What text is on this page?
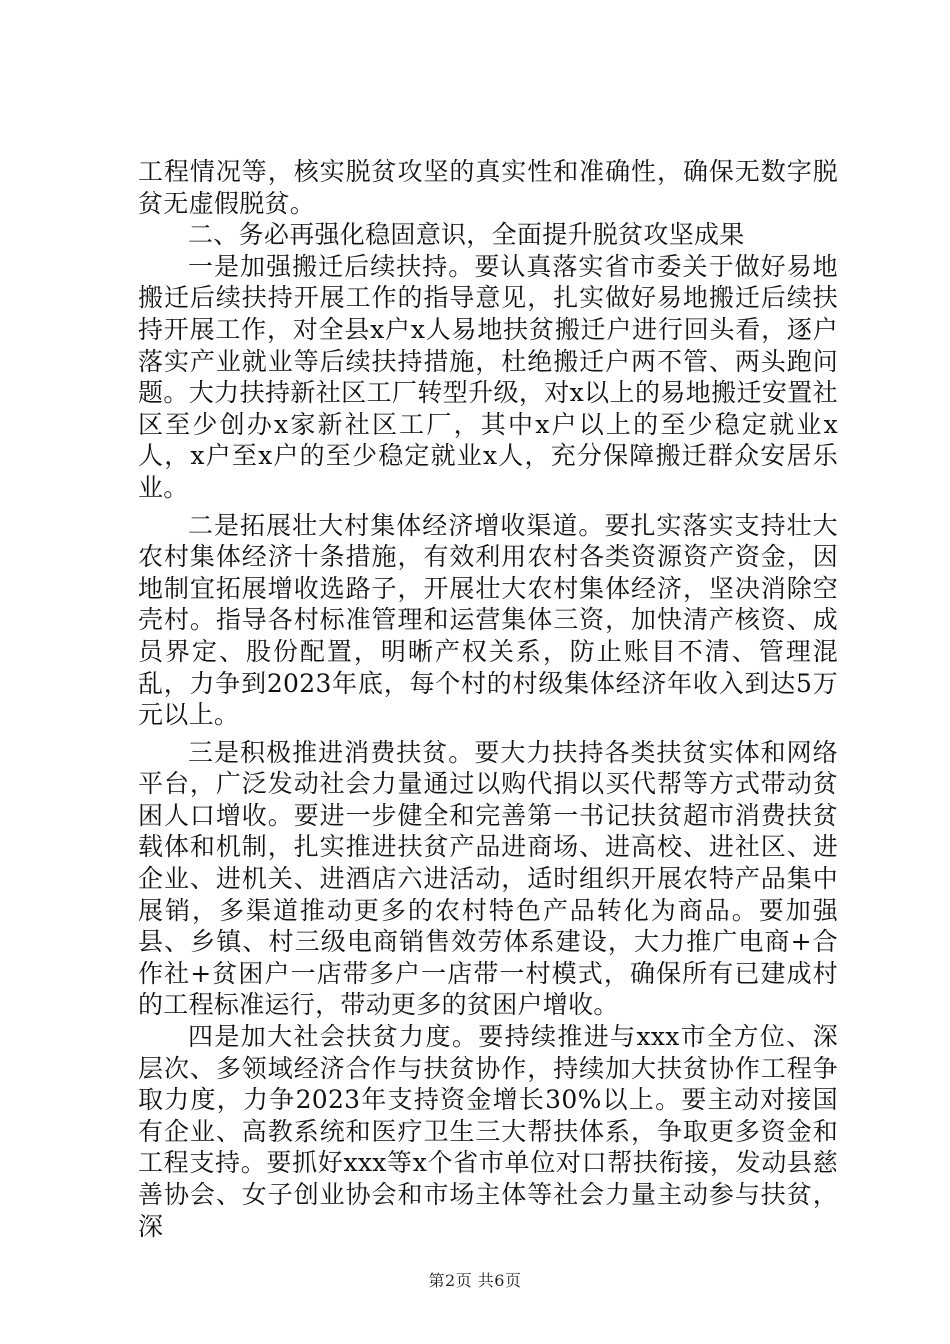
工程情况等，核实脱贫攻坚的真实性和准确性，确保无数字脱贫无虚假脱贫。

二、务必再强化稳固意识，全面提升脱贫攻坚成果

一是加强搬迁后续扶持。要认真落实省市委关于做好易地搬迁后续扶持开展工作的指导意见，扎实做好易地搬迁后续扶持开展工作，对全县x户x人易地扶贫搬迁户进行回头看，逐户落实产业就业等后续扶持措施，杜绝搬迁户两不管、两头跑问题。大力扶持新社区工厂转型升级，对x以上的易地搬迁安置社区至少创办x家新社区工厂，其中x户以上的至少稳定就业x人，x户至x户的至少稳定就业x人，充分保障搬迁群众安居乐业。

二是拓展壮大村集体经济增收渠道。要扎实落实支持壮大农村集体经济十条措施，有效利用农村各类资源资产资金，因地制宜拓展增收选路子，开展壮大农村集体经济，坚决消除空壳村。指导各村标准管理和运营集体三资，加快清产核资、成员界定、股份配置，明晰产权关系，防止账目不清、管理混乱，力争到2023年底，每个村的村级集体经济年收入到达5万元以上。

三是积极推进消费扶贫。要大力扶持各类扶贫实体和网络平台，广泛发动社会力量通过以购代捐以买代帮等方式带动贫困人口增收。要进一步健全和完善第一书记扶贫超市消费扶贫载体和机制，扎实推进扶贫产品进商场、进高校、进社区、进企业、进机关、进酒店六进活动，适时组织开展农特产品集中展销，多渠道推动更多的农村特色产品转化为商品。要加强县、乡镇、村三级电商销售效劳体系建设，大力推广电商+合作社+贫困户一店带多户一店带一村模式，确保所有已建成村的工程标准运行，带动更多的贫困户增收。

四是加大社会扶贫力度。要持续推进与xxx市全方位、深层次、多领域经济合作与扶贫协作，持续加大扶贫协作工程争取力度，力争2023年支持资金增长30%以上。要主动对接国有企业、高教系统和医疗卫生三大帮扶体系，争取更多资金和工程支持。要抓好xxx等x个省市单位对口帮扶衔接，发动县慈善协会、女子创业协会和市场主体等社会力量主动参与扶贫，深

第2页 共6页
